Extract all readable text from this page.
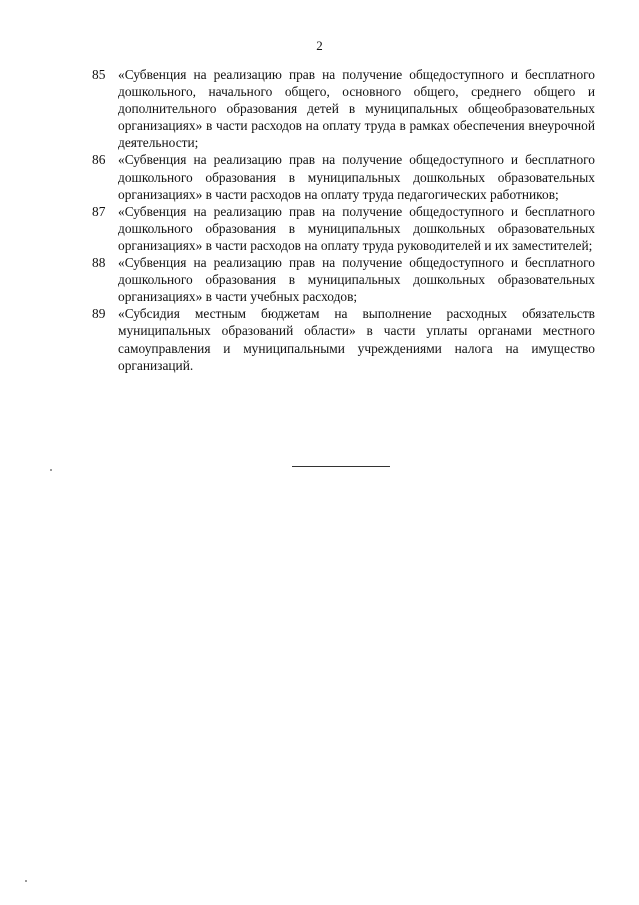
2
85 «Субвенция на реализацию прав на получение общедоступного и бесплатного дошкольного, начального общего, основного общего, среднего общего и дополнительного образования детей в муниципальных общеобразовательных организациях» в части расходов на оплату труда в рамках обеспечения внеурочной деятельности;
86 «Субвенция на реализацию прав на получение общедоступного и бесплатного дошкольного образования в муниципальных дошкольных образовательных организациях» в части расходов на оплату труда педагогических работников;
87 «Субвенция на реализацию прав на получение общедоступного и бесплатного дошкольного образования в муниципальных дошкольных образовательных организациях» в части расходов на оплату труда руководителей и их заместителей;
88 «Субвенция на реализацию прав на получение общедоступного и бесплатного дошкольного образования в муниципальных дошкольных образовательных организациях» в части учебных расходов;
89 «Субсидия местным бюджетам на выполнение расходных обязательств муниципальных образований области» в части уплаты органами местного самоуправления и муниципальными учреждениями налога на имущество организаций.
